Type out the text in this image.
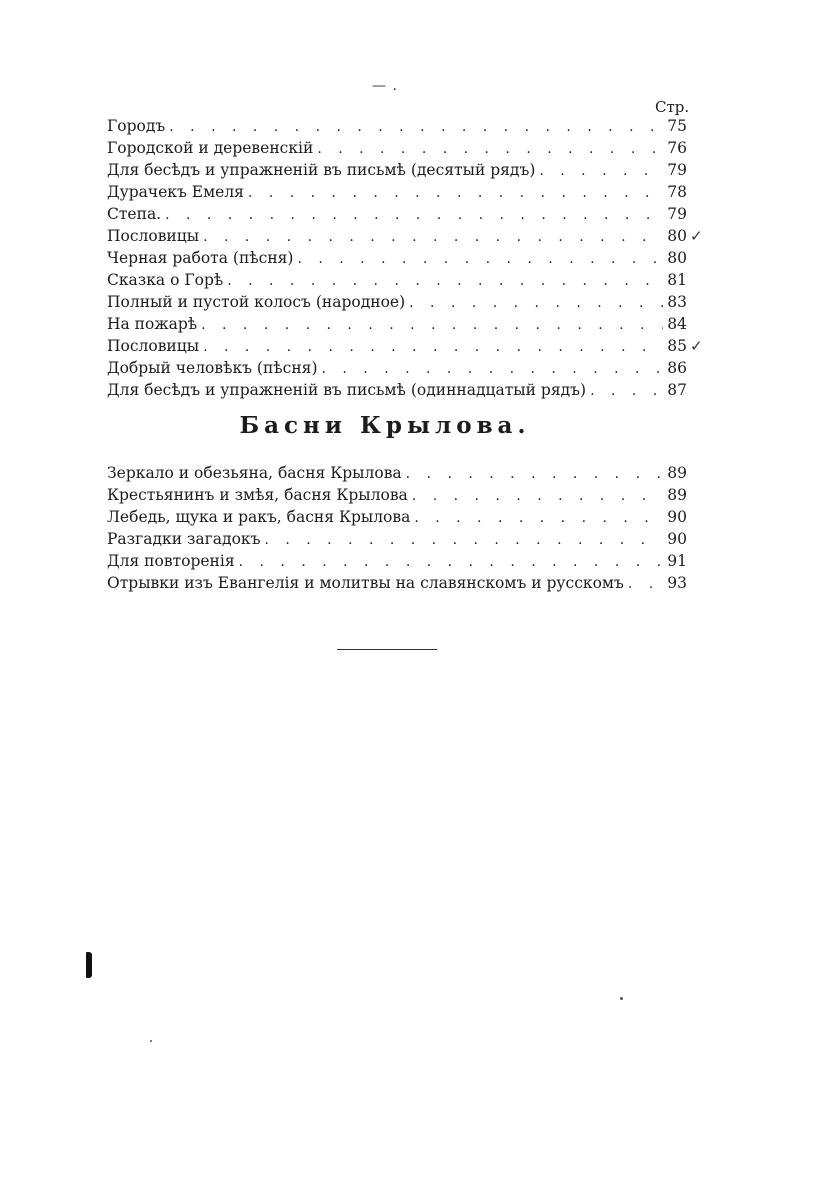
— .
Стр.
Городъ . . .	75
Городской и деревенскій . . .	76
Для бесѣдъ и упражненій въ письмѣ (десятый рядъ) . . .	79
Дурачекъ Емеля . . .	78
Степа. . . .	79
Пословицы . . .	80 ✓
Черная работа (пѣсня) . . .	80
Сказка о Горѣ . . .	81
Полный и пустой колосъ (народное) . . .	83
На пожарѣ . . .	84
Пословицы . . .	85 ✓
Добрый человѣкъ (пѣсня) . . .	86
Для бесѣдъ и упражненій въ письмѣ (одиннадцатый рядъ) . . .	87
Басни Крылова.
Зеркало и обезьяна, басня Крылова . . .	89
Крестьянинъ и змѣя, басня Крылова . . .	89
Лебедь, щука и ракъ, басня Крылова . . .	90
Разгадки загадокъ . . .	90
Для повторенія . . .	91
Отрывки изъ Евангелія и молитвы на славянскомъ и русскомъ . . .	93
